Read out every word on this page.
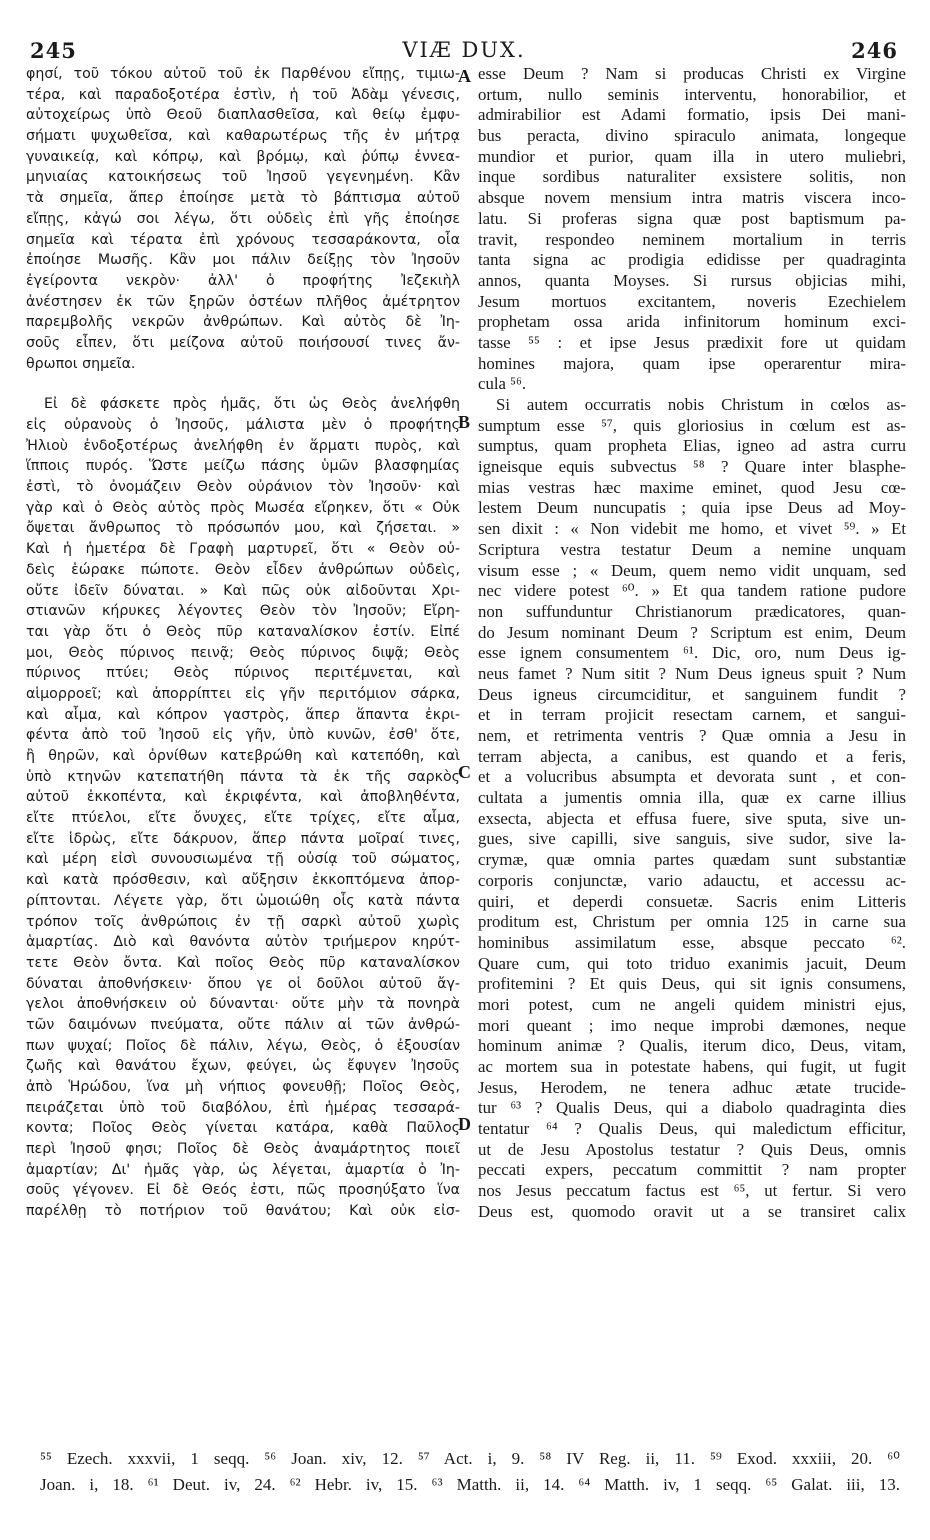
245	VIÆ DUX.	246
φησί, τοῦ τόκου αὐτοῦ τοῦ ἐκ Παρθένου εἴπῃς, τιμιω-
τέρα, καὶ παραδοξοτέρα ἐστὶν, ἡ τοῦ Ἀδὰμ γένεσις,
αὐτοχείρως ὑπὸ Θεοῦ διαπλασθεῖσα, καὶ θείῳ ἐμφυ-
σήματι ψυχωθεῖσα, καὶ καθαρωτέρως τῆς ἐν μήτρᾳ
γυναικείᾳ, καὶ κόπρῳ, καὶ βρόμῳ, καὶ ῥύπῳ ἐννεα-
μηνιαίας κατοικήσεως τοῦ Ἰησοῦ γεγενημένη. Κἂν
τὰ σημεῖα, ἅπερ ἐποίησε μετὰ τὸ βάπτισμα αὐτοῦ
εἴπῃς, κἀγώ σοι λέγω, ὅτι οὐδεὶς ἐπὶ γῆς ἐποίησε
σημεῖα καὶ τέρατα ἐπὶ χρόνους τεσσαράκοντα, οἷα
ἐποίησε Μωσῆς. Κἂν μοι πάλιν δείξῃς τὸν Ἰησοῦν
ἐγείροντα νεκρὸν· ἀλλ' ὁ προφήτης Ἰεζεκιὴλ
ἀνέστησεν ἐκ τῶν ξηρῶν ὀστέων πλῆθος ἀμέτρητον
παρεμβολῆς νεκρῶν ἀνθρώπων. Καὶ αὐτὸς δὲ Ἰη-
σοῦς εἶπεν, ὅτι μείζονα αὐτοῦ ποιήσουσί τινες ἄν-
θρωποι σημεῖα.
Εἰ δὲ φάσκετε πρὸς ἡμᾶς, ὅτι ὡς Θεὸς ἀνελήφθη
εἰς οὐρανοὺς ὁ Ἰησοῦς, μάλιστα μὲν ὁ προφήτης
Ἠλιοὺ ἐνδοξοτέρως ἀνελήφθη ἐν ἅρματι πυρὸς, καὶ
ἵπποις πυρός. Ὥστε μείζω πάσης ὑμῶν βλασφημίας
ἐστὶ, τὸ ὀνομάζειν Θεὸν οὐράνιον τὸν Ἰησοῦν· καὶ
γὰρ καὶ ὁ Θεὸς αὐτὸς πρὸς Μωσέα εἴρηκεν, ὅτι « Οὐκ
ὄψεται ἄνθρωπος τὸ πρόσωπόν μου, καὶ ζήσεται. »
Καὶ ἡ ἡμετέρα δὲ Γραφὴ μαρτυρεῖ, ὅτι « Θεὸν οὐ-
δεὶς ἑώρακε πώποτε. Θεὸν εἶδεν ἀνθρώπων οὐδεὶς,
οὔτε ἰδεῖν δύναται. » Καὶ πῶς οὐκ αἰδοῦνται Χρι-
στιανῶν κήρυκες λέγοντες Θεὸν τὸν Ἰησοῦν; Εἴρη-
ται γὰρ ὅτι ὁ Θεὸς πῦρ καταναλίσκον ἐστίν. Εἰπέ
μοι, Θεὸς πύρινος πεινᾷ; Θεὸς πύρινος διψᾷ; Θεὸς
πύρινος πτύει; Θεὸς πύρινος περιτέμνεται, καὶ
αἱμορροεῖ; καὶ ἀπορρίπτει εἰς γῆν περιτόμιον σάρκα,
καὶ αἷμα, καὶ κόπρον γαστρὸς, ἅπερ ἅπαντα ἐκρι-
φέντα ἀπὸ τοῦ Ἰησοῦ εἰς γῆν, ὑπὸ κυνῶν, ἐσθ' ὅτε,
ἢ θηρῶν, καὶ ὀρνίθων κατεβρώθη καὶ κατεπόθη, καὶ
ὑπὸ κτηνῶν κατεπατήθη πάντα τὰ ἐκ τῆς σαρκὸς
αὐτοῦ ἐκκοπέντα, καὶ ἐκριφέντα, καὶ ἀποβληθέντα,
εἴτε πτύελοι, εἴτε ὄνυχες, εἴτε τρίχες, εἴτε αἷμα,
εἴτε ἱδρὼς, εἴτε δάκρυον, ἅπερ πάντα μοῖραί τινες,
καὶ μέρη εἰσὶ συνουσιωμένα τῇ οὐσίᾳ τοῦ σώματος,
καὶ κατὰ πρόσθεσιν, καὶ αὔξησιν ἐκκοπτόμενα ἀπορ-
ρίπτονται. Λέγετε γὰρ, ὅτι ὡμοιώθη οἷς κατὰ πάντα
τρόπον τοῖς ἀνθρώποις ἐν τῇ σαρκὶ αὐτοῦ χωρὶς
ἁμαρτίας. Διὸ καὶ θανόντα αὐτὸν τριήμερον κηρύτ-
τετε Θεὸν ὄντα. Καὶ ποῖος Θεὸς πῦρ καταναλίσκον
δύναται ἀποθνήσκειν· ὅπου γε οἱ δοῦλοι αὐτοῦ ἄγ-
γελοι ἀποθνήσκειν οὐ δύνανται· οὔτε μὴν τὰ πονηρὰ
τῶν δαιμόνων πνεύματα, οὔτε πάλιν αἱ τῶν ἀνθρώ-
πων ψυχαί; Ποῖος δὲ πάλιν, λέγω, Θεὸς, ὁ ἐξουσίαν
ζωῆς καὶ θανάτου ἔχων, φεύγει, ὡς ἔφυγεν Ἰησοῦς
ἀπὸ Ἡρώδου, ἵνα μὴ νήπιος φονευθῇ; Ποῖος Θεὸς,
πειράζεται ὑπὸ τοῦ διαβόλου, ἐπὶ ἡμέρας τεσσαρά-
κοντα; Ποῖος Θεὸς γίνεται κατάρα, καθὰ Παῦλος
περὶ Ἰησοῦ φησι; Ποῖος δὲ Θεὸς ἀναμάρτητος ποιεῖ
ἁμαρτίαν; Δι' ἡμᾶς γὰρ, ὡς λέγεται, ἁμαρτία ὁ Ἰη-
σοῦς γέγονεν. Εἰ δὲ Θεός ἐστι, πῶς προσηύξατο ἵνα
παρέλθῃ τὸ ποτήριον τοῦ θανάτου; Καὶ οὐκ εἰσ-
esse Deum ? Nam si producas Christi ex Virgine
ortum, nullo seminis interventu, honorabilior, et
admirabilior est Adami formatio, ipsis Dei mani-
bus peracta, divino spiraculo animata, longeque
mundior et purior, quam illa in utero muliebri,
inque sordibus naturaliter exsistere solitis, non
absque novem mensium intra matris viscera inco-
latu. Si proferas signa quæ post baptismum pa-
travit, respondeo neminem mortalium in terris
tanta signa ac prodigia edidisse per quadraginta
annos, quanta Moyses. Si rursus objicias mihi,
Jesum mortuos excitantem, noveris Ezechielem
prophetam ossa arida infinitorum hominum exci-
tasse ⁵⁵ : et ipse Jesus prædixit fore ut quidam
homines majora, quam ipse operarentur mira-
cula ⁵⁶.
Si autem occurratis nobis Christum in cœlos as-
sumptum esse ⁵⁷, quis gloriosius in cœlum est as-
sumptus, quam propheta Elias, igneo ad astra curru
igneisque equis subvectus ⁵⁸ ? Quare inter blasphe-
mias vestras hæc maxime eminet, quod Jesu cœ-
lestem Deum nuncupatis ; quia ipse Deus ad Moy-
sen dixit : « Non videbit me homo, et vivet ⁵⁹. » Et
Scriptura vestra testatur Deum a nemine unquam
visum esse ; « Deum, quem nemo vidit unquam, sed
nec videre potest ⁶⁰. » Et qua tandem ratione pudore
non suffunduntur Christianorum prædicatores, quan-
do Jesum nominant Deum ? Scriptum est enim, Deum
esse ignem consumentem ⁶¹. Dic, oro, num Deus ig-
neus famet ? Num sitit ? Num Deus igneus spuit ? Num
Deus igneus circumciditur, et sanguinem fundit ?
et in terram projicit resectam carnem, et sangui-
nem, et retrimenta ventris ? Quæ omnia a Jesu in
terram abjecta, a canibus, est quando et a feris,
et a volucribus absumpta et devorata sunt , et con-
cultata a jumentis omnia illa, quæ ex carne illius
exsecta, abjecta et effusa fuere, sive sputa, sive un-
gues, sive capilli, sive sanguis, sive sudor, sive la-
crymæ, quæ omnia partes quædam sunt substantiæ
corporis conjunctæ, vario adauctu, et accessu ac-
quiri, et deperdi consuetæ. Sacris enim Litteris
proditum est, Christum per omnia 125 in carne sua
hominibus assimilatum esse, absque peccato ⁶².
Quare cum, qui toto triduo exanimis jacuit, Deum
profitemini ? Et quis Deus, qui sit ignis consumens,
mori potest, cum ne angeli quidem ministri ejus,
mori queant ; imo neque improbi dæmones, neque
hominum animæ ? Qualis, iterum dico, Deus, vitam,
ac mortem sua in potestate habens, qui fugit, ut fugit
Jesus, Herodem, ne tenera adhuc ætate trucide-
tur ⁶³ ? Qualis Deus, qui a diabolo quadraginta dies
tentatur ⁶⁴ ? Qualis Deus, qui maledictum efficitur,
ut de Jesu Apostolus testatur ? Quis Deus, omnis
peccati expers, peccatum committit ? nam propter
nos Jesus peccatum factus est ⁶⁵, ut fertur. Si vero
Deus est, quomodo oravit ut a se transiret calix
A
B
C
D
⁵⁵ Ezech. xxxvii, 1 seqq. ⁵⁶ Joan. xiv, 12. ⁵⁷ Act. i, 9. ⁵⁸ IV Reg. ii, 11. ⁵⁹ Exod. xxxiii, 20. ⁶⁰
Joan. i, 18. ⁶¹ Deut. iv, 24. ⁶² Hebr. iv, 15. ⁶³ Matth. ii, 14. ⁶⁴ Matth. iv, 1 seqq. ⁶⁵ Galat. iii, 13.
